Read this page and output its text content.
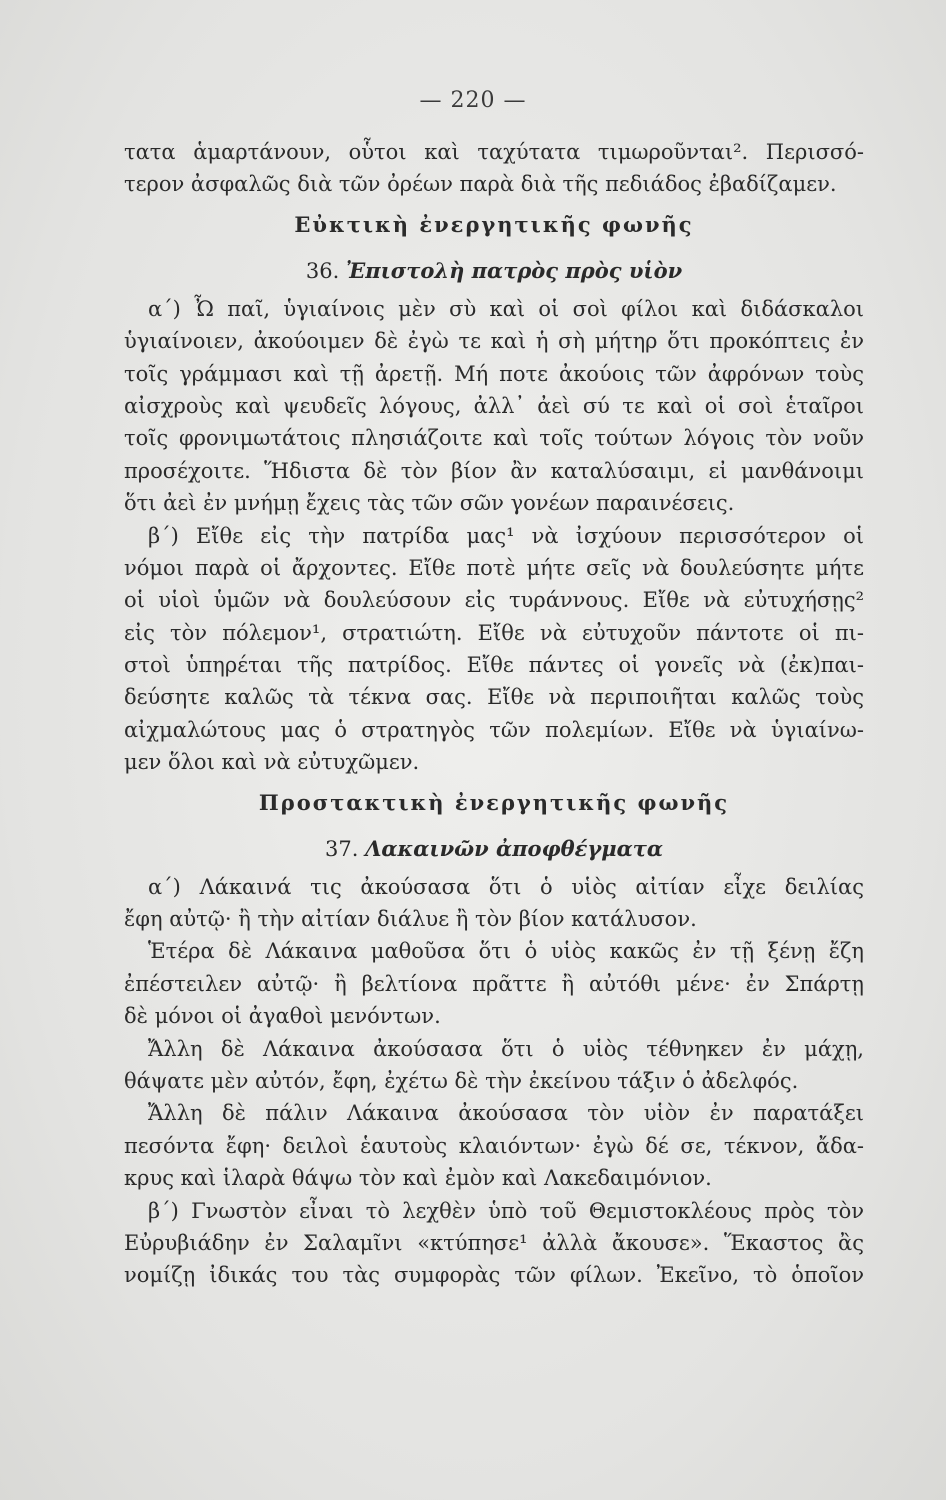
— 220 —
τατα ἁμαρτάνουν, οὗτοι καὶ ταχύτατα τιμωροῦνται². Περισσό-
τερον ἀσφαλῶς διὰ τῶν ὀρέων παρὰ διὰ τῆς πεδιάδος ἐβαδίζαμεν.
Εὐκτικὴ ἐνεργητικῆς φωνῆς
36. Ἐπιστολὴ πατρὸς πρὸς υἱὸν
α´) Ὦ παῖ, ὑγιαίνοις μὲν σὺ καὶ οἱ σοὶ φίλοι καὶ διδάσκαλοι
ὑγιαίνοιεν, ἀκούοιμεν δὲ ἐγὼ τε καὶ ἡ σὴ μήτηρ ὅτι προκόπτεις ἐν
τοῖς γράμμασι καὶ τῇ ἀρετῇ. Μή ποτε ἀκούοις τῶν ἀφρόνων τοὺς
αἰσχροὺς καὶ ψευδεῖς λόγους, ἀλλ᾽ ἀεὶ σύ τε καὶ οἱ σοὶ ἑταῖροι
τοῖς φρονιμωτάτοις πλησιάζοιτε καὶ τοῖς τούτων λόγοις τὸν νοῦν
προσέχοιτε. Ἥδιστα δὲ τὸν βίον ἂν καταλύσαιμι, εἰ μανθάνοιμι
ὅτι ἀεὶ ἐν μνήμῃ ἔχεις τὰς τῶν σῶν γονέων παραινέσεις.
β´) Εἴθε εἰς τὴν πατρίδα μας¹ νὰ ἰσχύουν περισσότερον οἱ
νόμοι παρὰ οἱ ἄρχοντες. Εἴθε ποτὲ μήτε σεῖς νὰ δουλεύσητε μήτε
οἱ υἱοὶ ὑμῶν νὰ δουλεύσουν εἰς τυράννους. Εἴθε νὰ εὐτυχήσῃς²
εἰς τὸν πόλεμον¹, στρατιώτη. Εἴθε νὰ εὐτυχοῦν πάντοτε οἱ πι-
στοὶ ὑπηρέται τῆς πατρίδος. Εἴθε πάντες οἱ γονεῖς νὰ (ἐκ)παι-
δεύσητε καλῶς τὰ τέκνα σας. Εἴθε νὰ περιποιῆται καλῶς τοὺς
αἰχμαλώτους μας ὁ στρατηγὸς τῶν πολεμίων. Εἴθε νὰ ὑγιαίνω-
μεν ὅλοι καὶ νὰ εὐτυχῶμεν.
Προστακτικὴ ἐνεργητικῆς φωνῆς
37. Λακαινῶν ἀποφθέγματα
α´) Λάκαινά τις ἀκούσασα ὅτι ὁ υἱὸς αἰτίαν εἶχε δειλίας
ἔφη αὐτῷ· ἢ τὴν αἰτίαν διάλυε ἢ τὸν βίον κατάλυσον.
Ἑτέρα δὲ Λάκαινα μαθοῦσα ὅτι ὁ υἱὸς κακῶς ἐν τῇ ξένῃ ἔζη
ἐπέστειλεν αὐτῷ· ἢ βελτίονα πρᾶττε ἢ αὐτόθι μένε· ἐν Σπάρτῃ
δὲ μόνοι οἱ ἀγαθοὶ μενόντων.
Ἄλλη δὲ Λάκαινα ἀκούσασα ὅτι ὁ υἱὸς τέθνηκεν ἐν μάχῃ,
θάψατε μὲν αὐτόν, ἔφη, ἐχέτω δὲ τὴν ἐκείνου τάξιν ὁ ἀδελφός.
Ἄλλη δὲ πάλιν Λάκαινα ἀκούσασα τὸν υἱὸν ἐν παρατάξει
πεσόντα ἔφη· δειλοὶ ἑαυτοὺς κλαιόντων· ἐγὼ δέ σε, τέκνον, ἄδα-
κρυς καὶ ἱλαρὰ θάψω τὸν καὶ ἐμὸν καὶ Λακεδαιμόνιον.
β´) Γνωστὸν εἶναι τὸ λεχθὲν ὑπὸ τοῦ Θεμιστοκλέους πρὸς τὸν
Εὐρυβιάδην ἐν Σαλαμῖνι «κτύπησε¹ ἀλλὰ ἄκουσε». Ἕκαστος ἂς
νομίζῃ ἰδικάς του τὰς συμφορὰς τῶν φίλων. Ἐκεῖνο, τὸ ὁποῖον
